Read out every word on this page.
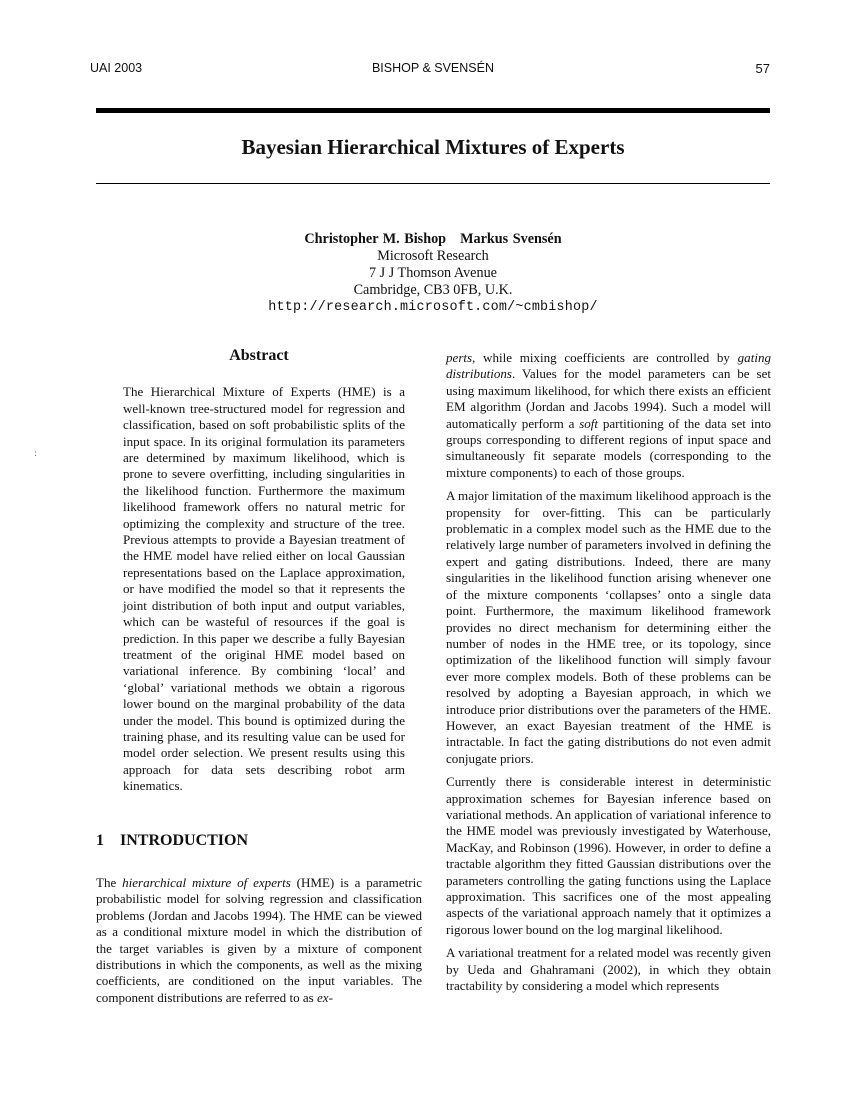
UAI 2003	BISHOP & SVENSÉN	57
Bayesian Hierarchical Mixtures of Experts
Christopher M. Bishop Markus Svensén
Microsoft Research
7 J J Thomson Avenue
Cambridge, CB3 0FB, U.K.
http://research.microsoft.com/~cmbishop/
:
Abstract

The Hierarchical Mixture of Experts (HME) is a well-known tree-structured model for regression and classification, based on soft probabilistic splits of the input space. In its original formulation its parameters are determined by maximum likelihood, which is prone to severe overfitting, including singularities in the likelihood function. Furthermore the maximum likelihood framework offers no natural metric for optimizing the complexity and structure of the tree. Previous attempts to provide a Bayesian treatment of the HME model have relied either on local Gaussian representations based on the Laplace approximation, or have modified the model so that it represents the joint distribution of both input and output variables, which can be wasteful of resources if the goal is prediction. In this paper we describe a fully Bayesian treatment of the original HME model based on variational inference. By combining ‘local’ and ‘global’ variational methods we obtain a rigorous lower bound on the marginal probability of the data under the model. This bound is optimized during the training phase, and its resulting value can be used for model order selection. We present results using this approach for data sets describing robot arm kinematics.

1 INTRODUCTION

The hierarchical mixture of experts (HME) is a parametric probabilistic model for solving regression and classification problems (Jordan and Jacobs 1994). The HME can be viewed as a conditional mixture model in which the distribution of the target variables is given by a mixture of component distributions in which the components, as well as the mixing coefficients, are conditioned on the input variables. The component distributions are referred to as ex-

perts, while mixing coefficients are controlled by gating distributions. Values for the model parameters can be set using maximum likelihood, for which there exists an efficient EM algorithm (Jordan and Jacobs 1994). Such a model will automatically perform a soft partitioning of the data set into groups corresponding to different regions of input space and simultaneously fit separate models (corresponding to the mixture components) to each of those groups.

A major limitation of the maximum likelihood approach is the propensity for over-fitting. This can be particularly problematic in a complex model such as the HME due to the relatively large number of parameters involved in defining the expert and gating distributions. Indeed, there are many singularities in the likelihood function arising whenever one of the mixture components ‘collapses’ onto a single data point. Furthermore, the maximum likelihood framework provides no direct mechanism for determining either the number of nodes in the HME tree, or its topology, since optimization of the likelihood function will simply favour ever more complex models. Both of these problems can be resolved by adopting a Bayesian approach, in which we introduce prior distributions over the parameters of the HME. However, an exact Bayesian treatment of the HME is intractable. In fact the gating distributions do not even admit conjugate priors.

Currently there is considerable interest in deterministic approximation schemes for Bayesian inference based on variational methods. An application of variational inference to the HME model was previously investigated by Waterhouse, MacKay, and Robinson (1996). However, in order to define a tractable algorithm they fitted Gaussian distributions over the parameters controlling the gating functions using the Laplace approximation. This sacrifices one of the most appealing aspects of the variational approach namely that it optimizes a rigorous lower bound on the log marginal likelihood.

A variational treatment for a related model was recently given by Ueda and Ghahramani (2002), in which they obtain tractability by considering a model which represents
